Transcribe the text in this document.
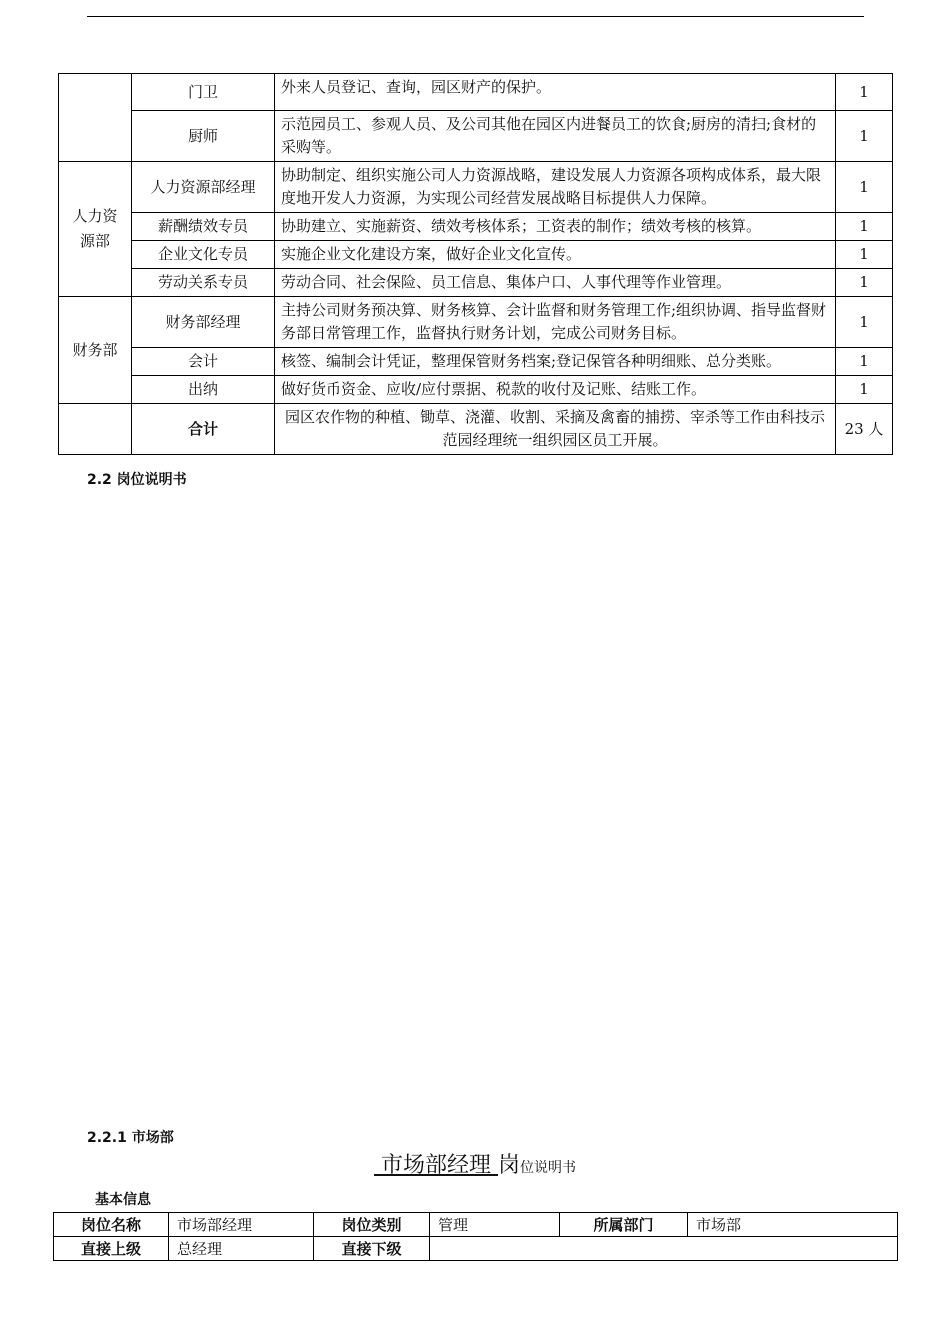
	门卫	外来人员登记、查询，园区财产的保护。	1
	厨师	示范园员工、参观人员、及公司其他在园区内进餐员工的饮食;厨房的清扫;食材的采购等。	1
人力资源部	人力资源部经理	协助制定、组织实施公司人力资源战略，建设发展人力资源各项构成体系，最大限度地开发人力资源，为实现公司经营发展战略目标提供人力保障。	1
	薪酬绩效专员	协助建立、实施薪资、绩效考核体系；工资表的制作；绩效考核的核算。	1
	企业文化专员	实施企业文化建设方案，做好企业文化宣传。	1
	劳动关系专员	劳动合同、社会保险、员工信息、集体户口、人事代理等作业管理。	1
财务部	财务部经理	主持公司财务预决算、财务核算、会计监督和财务管理工作;组织协调、指导监督财务部日常管理工作，监督执行财务计划，完成公司财务目标。	1
	会计	核签、编制会计凭证，整理保管财务档案;登记保管各种明细账、总分类账。	1
	出纳	做好货币资金、应收/应付票据、税款的收付及记账、结账工作。	1
	合计	园区农作物的种植、锄草、浇灌、收割、采摘及禽畜的捕捞、宰杀等工作由科技示范园经理统一组织园区员工开展。	23 人
2.2 岗位说明书
2.2.1 市场部
市场部经理 岗位说明书
基本信息
岗位名称	市场部经理	岗位类别	管理	所属部门	市场部
直接上级	总经理	直接下级			
